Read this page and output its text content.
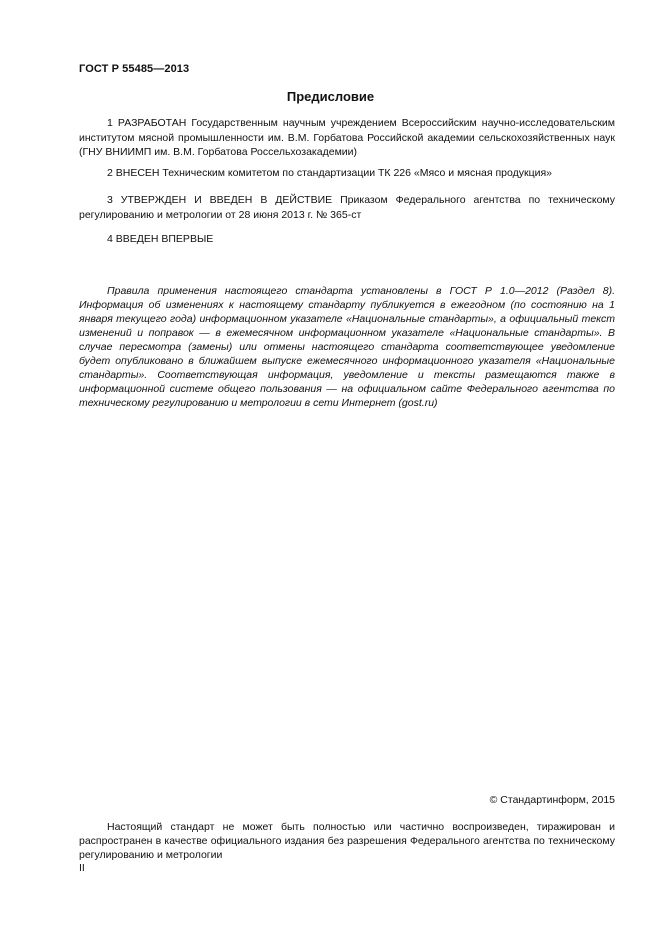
ГОСТ Р 55485—2013
Предисловие

1 РАЗРАБОТАН Государственным научным учреждением Всероссийским научно-исследовательским институтом мясной промышленности им. В.М. Горбатова Российской академии сельскохозяйственных наук (ГНУ ВНИИМП им. В.М. Горбатова Россельхозакадемии)

2 ВНЕСЕН Техническим комитетом по стандартизации ТК 226 «Мясо и мясная продукция»

3 УТВЕРЖДЕН И ВВЕДЕН В ДЕЙСТВИЕ Приказом Федерального агентства по техническому регулированию и метрологии от 28 июня 2013 г. № 365-ст

4 ВВЕДЕН ВПЕРВЫЕ

Правила применения настоящего стандарта установлены в ГОСТ Р 1.0—2012 (Раздел 8). Информация об изменениях к настоящему стандарту публикуется в ежегодном (по состоянию на 1 января текущего года) информационном указателе «Национальные стандарты», а официальный текст изменений и поправок — в ежемесячном информационном указателе «Национальные стандарты». В случае пересмотра (замены) или отмены настоящего стандарта соответствующее уведомление будет опубликовано в ближайшем выпуске ежемесячного информационного указателя «Национальные стандарты». Соответствующая информация, уведомление и тексты размещаются также в информационной системе общего пользования — на официальном сайте Федерального агентства по техническому регулированию и метрологии в сети Интернет (gost.ru)

© Стандартинформ, 2015

Настоящий стандарт не может быть полностью или частично воспроизведен, тиражирован и распространен в качестве официального издания без разрешения Федерального агентства по техническому регулированию и метрологии

II
